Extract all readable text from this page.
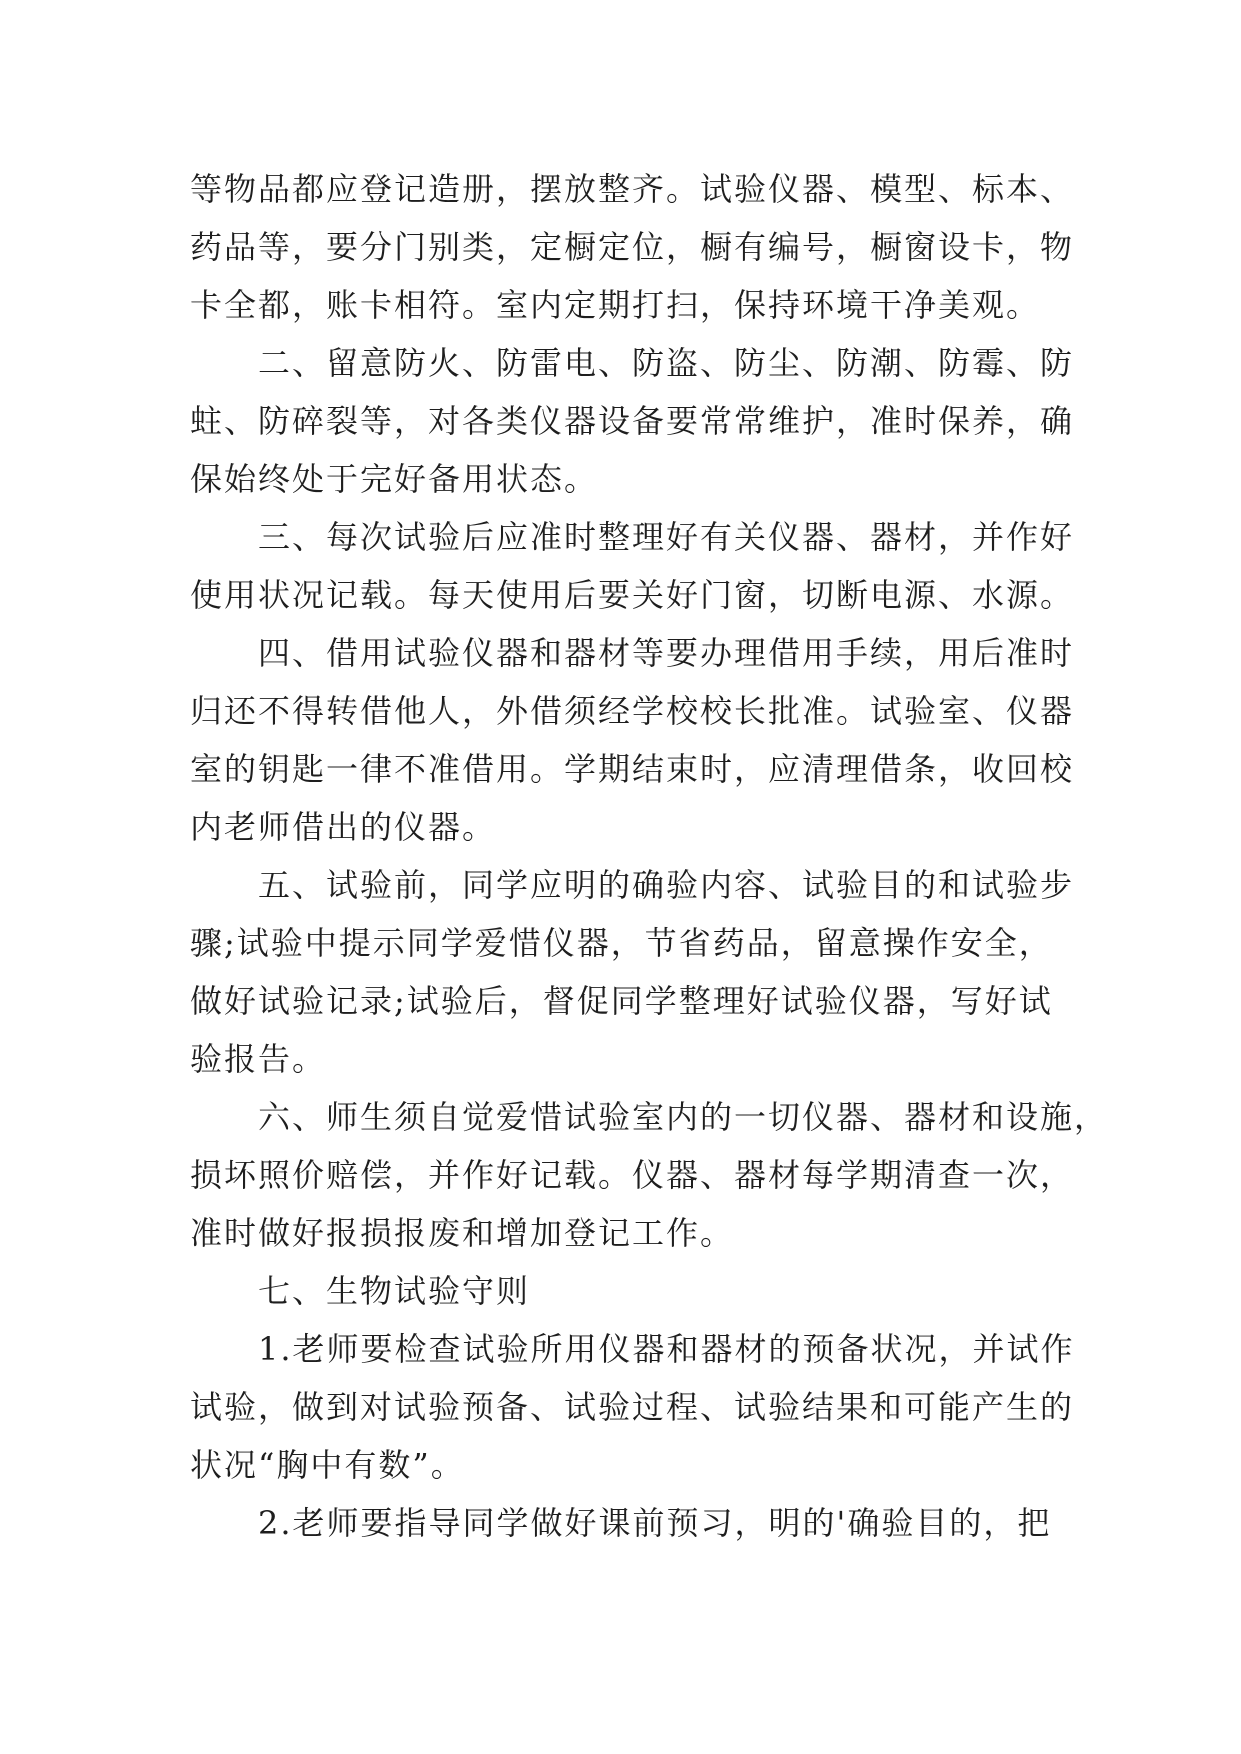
等物品都应登记造册，摆放整齐。试验仪器、模型、标本、
药品等，要分门别类，定橱定位，橱有编号，橱窗设卡，物
卡全都，账卡相符。室内定期打扫，保持环境干净美观。

　　二、留意防火、防雷电、防盗、防尘、防潮、防霉、防
蛀、防碎裂等，对各类仪器设备要常常维护，准时保养，确
保始终处于完好备用状态。

　　三、每次试验后应准时整理好有关仪器、器材，并作好
使用状况记载。每天使用后要关好门窗，切断电源、水源。

　　四、借用试验仪器和器材等要办理借用手续，用后准时
归还不得转借他人，外借须经学校校长批准。试验室、仪器
室的钥匙一律不准借用。学期结束时，应清理借条，收回校
内老师借出的仪器。

　　五、试验前，同学应明的确验内容、试验目的和试验步
骤;试验中提示同学爱惜仪器，节省药品，留意操作安全，
做好试验记录;试验后，督促同学整理好试验仪器，写好试
验报告。

　　六、师生须自觉爱惜试验室内的一切仪器、器材和设施，
损坏照价赔偿，并作好记载。仪器、器材每学期清查一次，
准时做好报损报废和增加登记工作。

　　七、生物试验守则

　　1.老师要检查试验所用仪器和器材的预备状况，并试作
试验，做到对试验预备、试验过程、试验结果和可能产生的
状况“胸中有数”。

　　2.老师要指导同学做好课前预习，明的'确验目的，把
